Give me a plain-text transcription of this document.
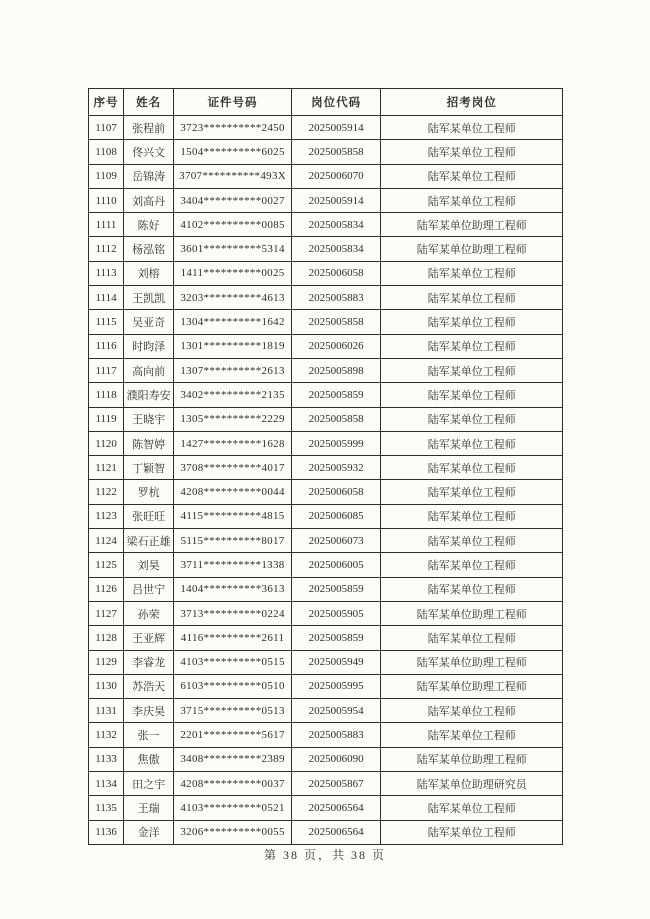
序号	姓名	证件号码	岗位代码	招考岗位
1107	张程前	3723**********2450	2025005914	陆军某单位工程师
1108	佟兴文	1504**********6025	2025005858	陆军某单位工程师
1109	岳锦涛	3707**********493X	2025006070	陆军某单位工程师
1110	刘高丹	3404**********0027	2025005914	陆军某单位工程师
1111	陈好	4102**********0085	2025005834	陆军某单位助理工程师
1112	杨泓铭	3601**********5314	2025005834	陆军某单位助理工程师
1113	刘榕	1411**********0025	2025006058	陆军某单位工程师
1114	王凯凯	3203**********4613	2025005883	陆军某单位工程师
1115	吴亚奇	1304**********1642	2025005858	陆军某单位工程师
1116	时昀泽	1301**********1819	2025006026	陆军某单位工程师
1117	高向前	1307**********2613	2025005898	陆军某单位工程师
1118	濮阳寿安	3402**********2135	2025005859	陆军某单位工程师
1119	王晓宇	1305**********2229	2025005858	陆军某单位工程师
1120	陈智婷	1427**********1628	2025005999	陆军某单位工程师
1121	丁颖智	3708**********4017	2025005932	陆军某单位工程师
1122	罗杭	4208**********0044	2025006058	陆军某单位工程师
1123	张旺旺	4115**********4815	2025006085	陆军某单位工程师
1124	梁石正雄	5115**********8017	2025006073	陆军某单位工程师
1125	刘昊	3711**********1338	2025006005	陆军某单位工程师
1126	吕世宁	1404**********3613	2025005859	陆军某单位工程师
1127	孙荣	3713**********0224	2025005905	陆军某单位助理工程师
1128	王亚辉	4116**********2611	2025005859	陆军某单位工程师
1129	李睿龙	4103**********0515	2025005949	陆军某单位助理工程师
1130	苏浩天	6103**********0510	2025005995	陆军某单位助理工程师
1131	李庆昊	3715**********0513	2025005954	陆军某单位工程师
1132	张一	2201**********5617	2025005883	陆军某单位工程师
1133	焦傲	3408**********2389	2025006090	陆军某单位助理工程师
1134	田之宇	4208**********0037	2025005867	陆军某单位助理研究员
1135	王瑞	4103**********0521	2025006564	陆军某单位工程师
1136	金洋	3206**********0055	2025006564	陆军某单位工程师
第 38 页，共 38 页
